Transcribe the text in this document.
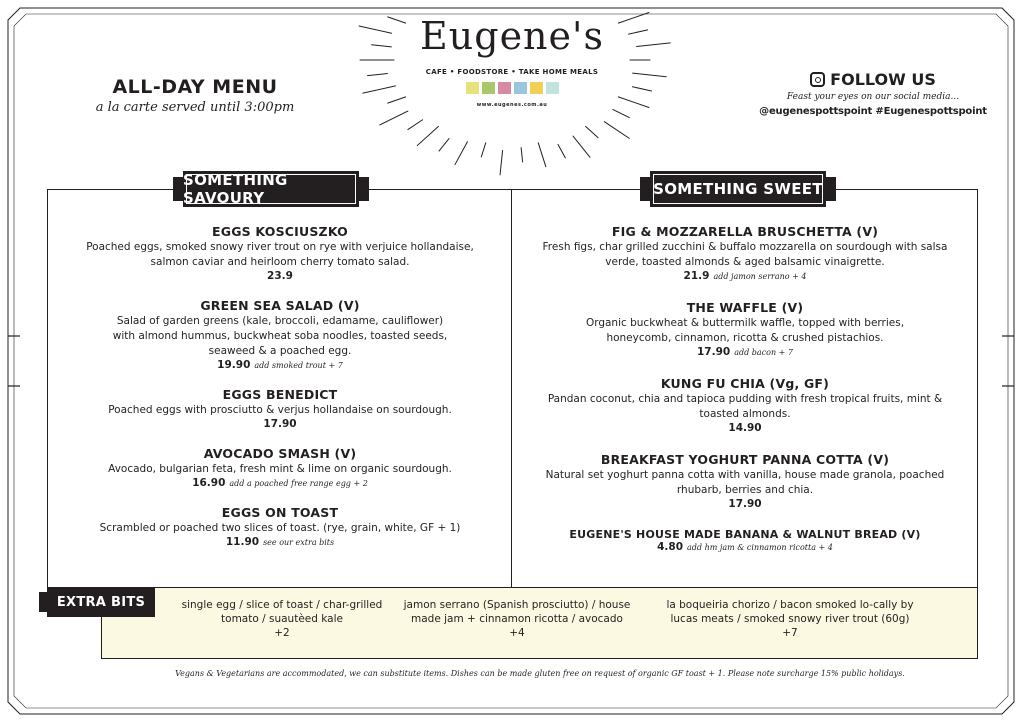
Eugene's
CAFE • FOODSTORE • TAKE HOME MEALS
www.eugenes.com.au
ALL-DAY MENU
a la carte served until 3:00pm
FOLLOW US
Feast your eyes on our social media...
@eugenespottspoint #Eugenespottspoint
SOMETHING SAVOURY	SOMETHING SWEET
EGGS KOSCIUSZKO
Poached eggs, smoked snowy river trout on rye with verjuice hollandaise, salmon caviar and heirloom cherry tomato salad.
23.9
GREEN SEA SALAD (V)
Salad of garden greens (kale, broccoli, edamame, cauliflower) with almond hummus, buckwheat soba noodles, toasted seeds, seaweed & a poached egg.
19.90 add smoked trout + 7
EGGS BENEDICT
Poached eggs with prosciutto & verjus hollandaise on sourdough.
17.90
AVOCADO SMASH (V)
Avocado, bulgarian feta, fresh mint & lime on organic sourdough.
16.90 add a poached free range egg + 2
EGGS ON TOAST
Scrambled or poached two slices of toast. (rye, grain, white, GF + 1)
11.90 see our extra bits
FIG & MOZZARELLA BRUSCHETTA (V)
Fresh figs, char grilled zucchini & buffalo mozzarella on sourdough with salsa verde, toasted almonds & aged balsamic vinaigrette.
21.9 add jamon serrano + 4
THE WAFFLE (V)
Organic buckwheat & buttermilk waffle, topped with berries, honeycomb, cinnamon, ricotta & crushed pistachios.
17.90 add bacon + 7
KUNG FU CHIA (Vg, GF)
Pandan coconut, chia and tapioca pudding with fresh tropical fruits, mint & toasted almonds.
14.90
BREAKFAST YOGHURT PANNA COTTA (V)
Natural set yoghurt panna cotta with vanilla, house made granola, poached rhubarb, berries and chia.
17.90
EUGENE'S HOUSE MADE BANANA & WALNUT BREAD (V)
4.80 add hm jam & cinnamon ricotta + 4
EXTRA BITS	single egg / slice of toast / char-grilled tomato / suautèed kale
+2
jamon serrano (Spanish prosciutto) / house made jam + cinnamon ricotta / avocado
+4
la boqueiria chorizo / bacon smoked lo-cally by lucas meats / smoked snowy river trout (60g)
+7
Vegans & Vegetarians are accommodated, we can substitute items. Dishes can be made gluten free on request of organic GF toast + 1. Please note surcharge 15% public holidays.
